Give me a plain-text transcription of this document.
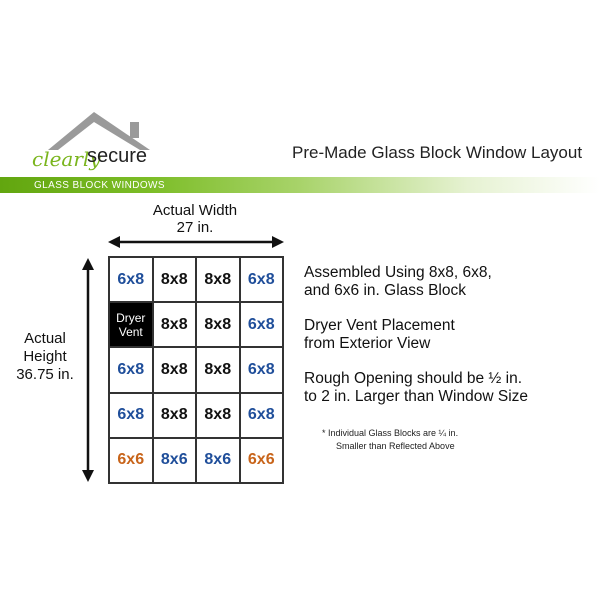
clearly
secure	Pre-Made Glass Block Window Layout
GLASS BLOCK WINDOWS
Actual Width
27 in.
Actual
Height
36.75 in.
6x8	8x8	8x8	6x8
Dryer
Vent	8x8	8x8	6x8
6x8	8x8	8x8	6x8
6x8	8x8	8x8	6x8
6x6	8x6	8x6	6x6
Assembled Using 8x8, 6x8,
and 6x6 in. Glass Block
Dryer Vent Placement
from Exterior View
Rough Opening should be ½ in.
to 2 in. Larger than Window Size
* Individual Glass Blocks are ¼ in.
Smaller than Reflected Above
